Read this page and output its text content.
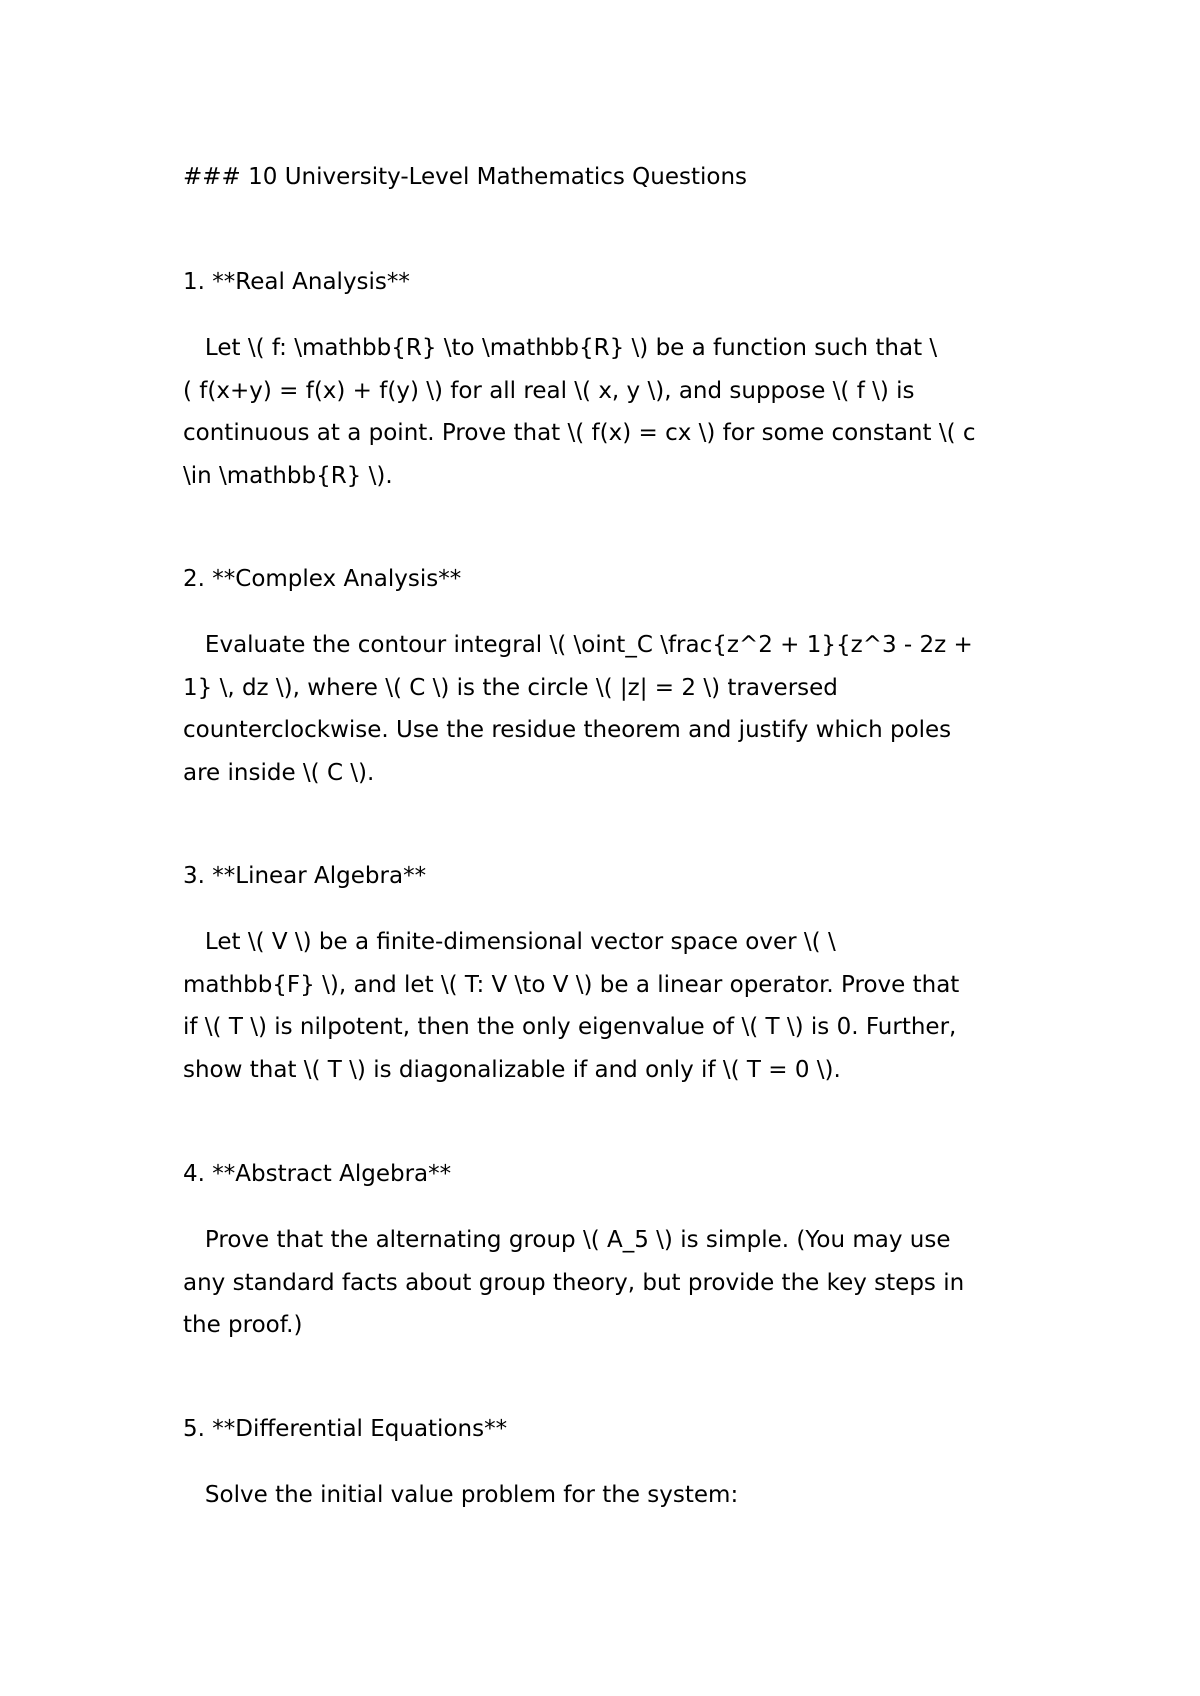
### 10 University-Level Mathematics Questions

1. **Real Analysis**

Let \( f: \mathbb{R} \to \mathbb{R} \) be a function such that \
( f(x+y) = f(x) + f(y) \) for all real \( x, y \), and suppose \( f \) is
continuous at a point. Prove that \( f(x) = cx \) for some constant \( c
\in \mathbb{R} \).

2. **Complex Analysis**

Evaluate the contour integral \( \oint_C \frac{z^2 + 1}{z^3 - 2z +
1} \, dz \), where \( C \) is the circle \( |z| = 2 \) traversed
counterclockwise. Use the residue theorem and justify which poles
are inside \( C \).

3. **Linear Algebra**

Let \( V \) be a finite-dimensional vector space over \( \
mathbb{F} \), and let \( T: V \to V \) be a linear operator. Prove that
if \( T \) is nilpotent, then the only eigenvalue of \( T \) is 0. Further,
show that \( T \) is diagonalizable if and only if \( T = 0 \).

4. **Abstract Algebra**

Prove that the alternating group \( A_5 \) is simple. (You may use
any standard facts about group theory, but provide the key steps in
the proof.)

5. **Differential Equations**

Solve the initial value problem for the system:
